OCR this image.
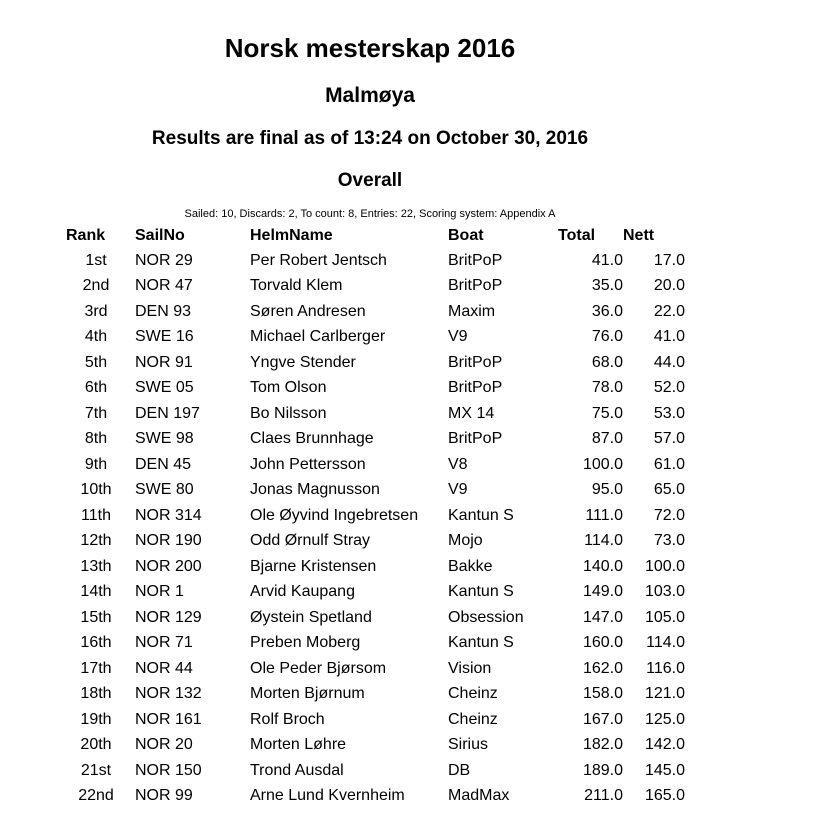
Norsk mesterskap 2016
Malmøya
Results are final as of 13:24 on October 30, 2016
Overall
Sailed: 10, Discards: 2, To count: 8, Entries: 22, Scoring system: Appendix A
Rank	SailNo	HelmName	Boat	Total	Nett
1st	NOR 29	Per Robert Jentsch	BritPoP	41.0	17.0
2nd	NOR 47	Torvald Klem	BritPoP	35.0	20.0
3rd	DEN 93	Søren Andresen	Maxim	36.0	22.0
4th	SWE 16	Michael Carlberger	V9	76.0	41.0
5th	NOR 91	Yngve Stender	BritPoP	68.0	44.0
6th	SWE 05	Tom Olson	BritPoP	78.0	52.0
7th	DEN 197	Bo Nilsson	MX 14	75.0	53.0
8th	SWE 98	Claes Brunnhage	BritPoP	87.0	57.0
9th	DEN 45	John Pettersson	V8	100.0	61.0
10th	SWE 80	Jonas Magnusson	V9	95.0	65.0
11th	NOR 314	Ole Øyvind Ingebretsen	Kantun S	111.0	72.0
12th	NOR 190	Odd Ørnulf Stray	Mojo	114.0	73.0
13th	NOR 200	Bjarne Kristensen	Bakke	140.0	100.0
14th	NOR 1	Arvid Kaupang	Kantun S	149.0	103.0
15th	NOR 129	Øystein Spetland	Obsession	147.0	105.0
16th	NOR 71	Preben Moberg	Kantun S	160.0	114.0
17th	NOR 44	Ole Peder Bjørsom	Vision	162.0	116.0
18th	NOR 132	Morten Bjørnum	Cheinz	158.0	121.0
19th	NOR 161	Rolf Broch	Cheinz	167.0	125.0
20th	NOR 20	Morten Løhre	Sirius	182.0	142.0
21st	NOR 150	Trond Ausdal	DB	189.0	145.0
22nd	NOR 99	Arne Lund Kvernheim	MadMax	211.0	165.0
